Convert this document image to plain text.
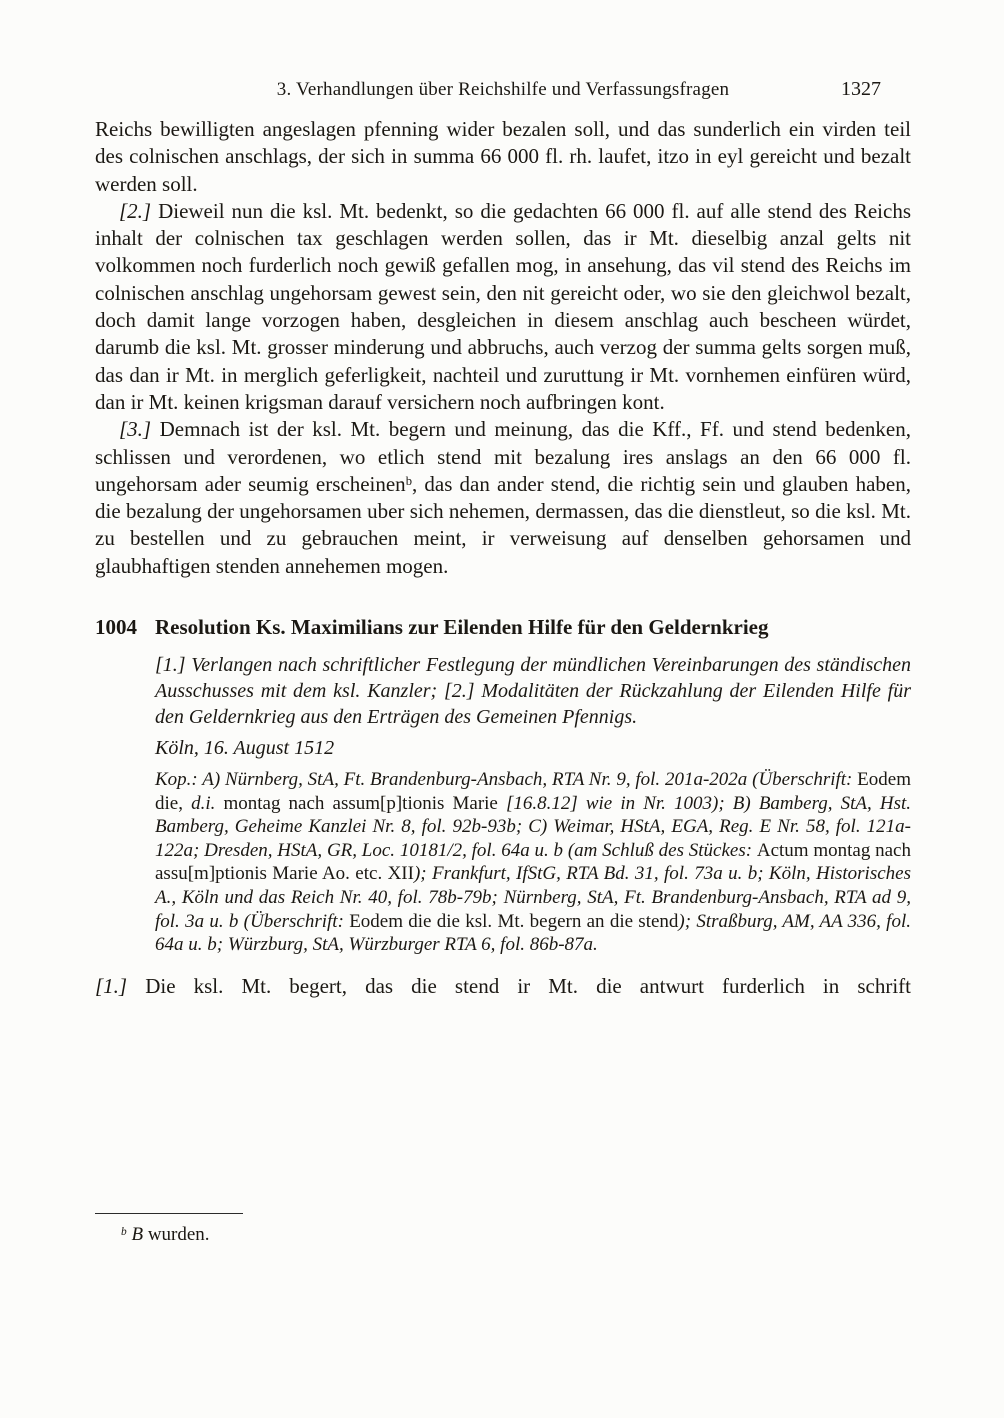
3. Verhandlungen über Reichshilfe und Verfassungsfragen	1327

Reichs bewilligten angeslagen pfenning wider bezalen soll, und das sunderlich ein virden teil des colnischen anschlags, der sich in summa 66 000 fl. rh. laufet, itzo in eyl gereicht und bezalt werden soll.

[2.] Dieweil nun die ksl. Mt. bedenkt, so die gedachten 66 000 fl. auf alle stend des Reichs inhalt der colnischen tax geschlagen werden sollen, das ir Mt. dieselbig anzal gelts nit volkommen noch furderlich noch gewiß gefallen mog, in ansehung, das vil stend des Reichs im colnischen anschlag ungehorsam gewest sein, den nit gereicht oder, wo sie den gleichwol bezalt, doch damit lange vorzogen haben, desgleichen in diesem anschlag auch bescheen würdet, darumb die ksl. Mt. grosser minderung und abbruchs, auch verzog der summa gelts sorgen muß, das dan ir Mt. in merglich geferligkeit, nachteil und zuruttung ir Mt. vornhemen einfüren würd, dan ir Mt. keinen krigsman darauf versichern noch aufbringen kont.

[3.] Demnach ist der ksl. Mt. begern und meinung, das die Kff., Ff. und stend bedenken, schlissen und verordenen, wo etlich stend mit bezalung ires anslags an den 66 000 fl. ungehorsam ader seumig erscheinen$^b$, das dan ander stend, die richtig sein und glauben haben, die bezalung der ungehorsamen uber sich nehemen, dermassen, das die dienstleut, so die ksl. Mt. zu bestellen und zu gebrauchen meint, ir verweisung auf denselben gehorsamen und glaubhaftigen stenden annehemen mogen.

1004 Resolution Ks. Maximilians zur Eilenden Hilfe für den Geldernkrieg

[1.] Verlangen nach schriftlicher Festlegung der mündlichen Vereinbarungen des ständischen Ausschusses mit dem ksl. Kanzler; [2.] Modalitäten der Rückzahlung der Eilenden Hilfe für den Geldernkrieg aus den Erträgen des Gemeinen Pfennigs.

Köln, 16. August 1512

Kop.: A) Nürnberg, StA, Ft. Brandenburg-Ansbach, RTA Nr. 9, fol. 201a-202a (Überschrift: Eodem die, d.i. montag nach assum[p]tionis Marie [16.8.12] wie in Nr. 1003); B) Bamberg, StA, Hst. Bamberg, Geheime Kanzlei Nr. 8, fol. 92b-93b; C) Weimar, HStA, EGA, Reg. E Nr. 58, fol. 121a-122a; Dresden, HStA, GR, Loc. 10181/2, fol. 64a u. b (am Schluß des Stückes: Actum montag nach assu[m]ptionis Marie Ao. etc. XII); Frankfurt, IfStG, RTA Bd. 31, fol. 73a u. b; Köln, Historisches A., Köln und das Reich Nr. 40, fol. 78b-79b; Nürnberg, StA, Ft. Brandenburg-Ansbach, RTA ad 9, fol. 3a u. b (Überschrift: Eodem die die ksl. Mt. begern an die stend); Straßburg, AM, AA 336, fol. 64a u. b; Würzburg, StA, Würzburger RTA 6, fol. 86b-87a.

[1.] Die ksl. Mt. begert, das die stend ir Mt. die antwurt furderlich in schrift

$^b$ B wurden.
